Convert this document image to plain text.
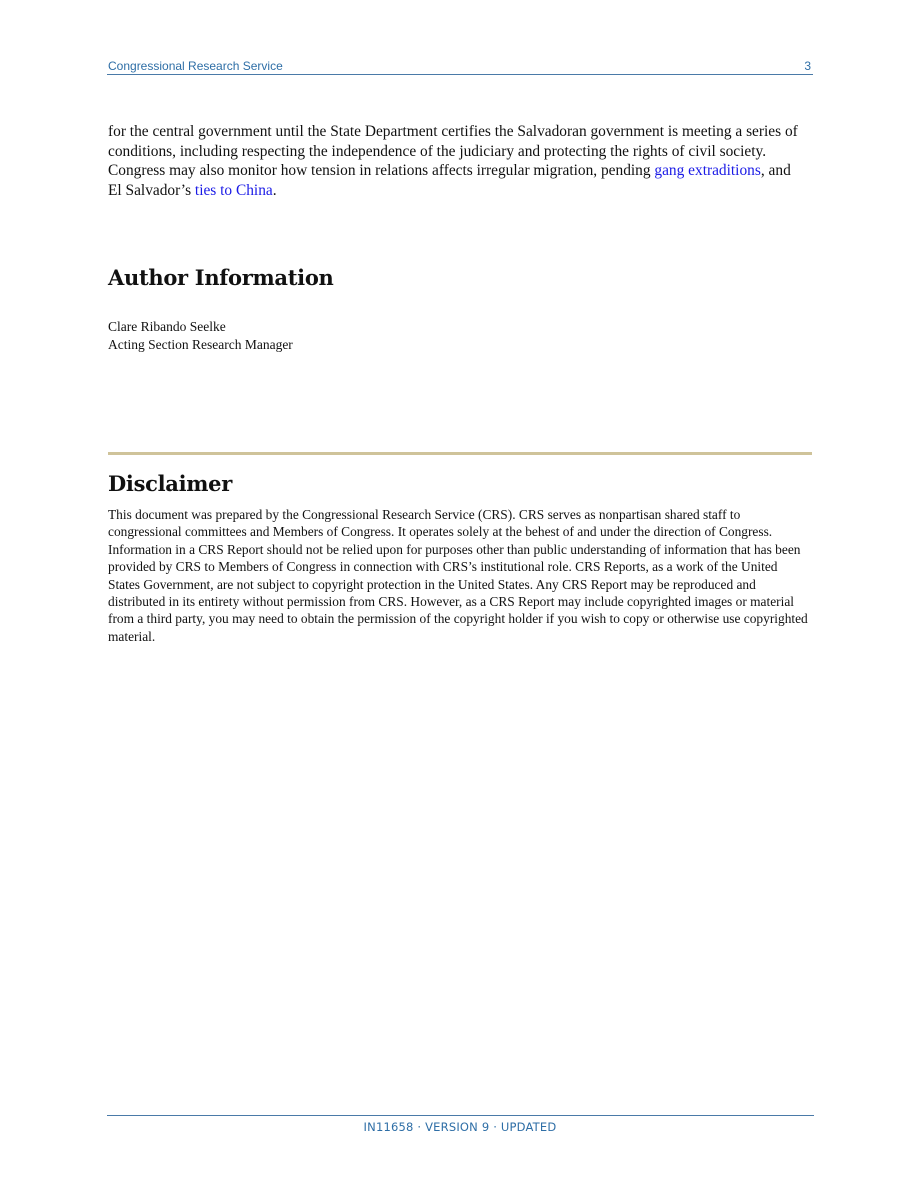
Congressional Research Service	3

for the central government until the State Department certifies the Salvadoran government is meeting a series of conditions, including respecting the independence of the judiciary and protecting the rights of civil society. Congress may also monitor how tension in relations affects irregular migration, pending gang extraditions, and El Salvador’s ties to China.

Author Information
Clare Ribando Seelke
Acting Section Research Manager
Disclaimer

This document was prepared by the Congressional Research Service (CRS). CRS serves as nonpartisan shared staff to congressional committees and Members of Congress. It operates solely at the behest of and under the direction of Congress. Information in a CRS Report should not be relied upon for purposes other than public understanding of information that has been provided by CRS to Members of Congress in connection with CRS’s institutional role. CRS Reports, as a work of the United States Government, are not subject to copyright protection in the United States. Any CRS Report may be reproduced and distributed in its entirety without permission from CRS. However, as a CRS Report may include copyrighted images or material from a third party, you may need to obtain the permission of the copyright holder if you wish to copy or otherwise use copyrighted material.

IN11658 · VERSION 9 · UPDATED
